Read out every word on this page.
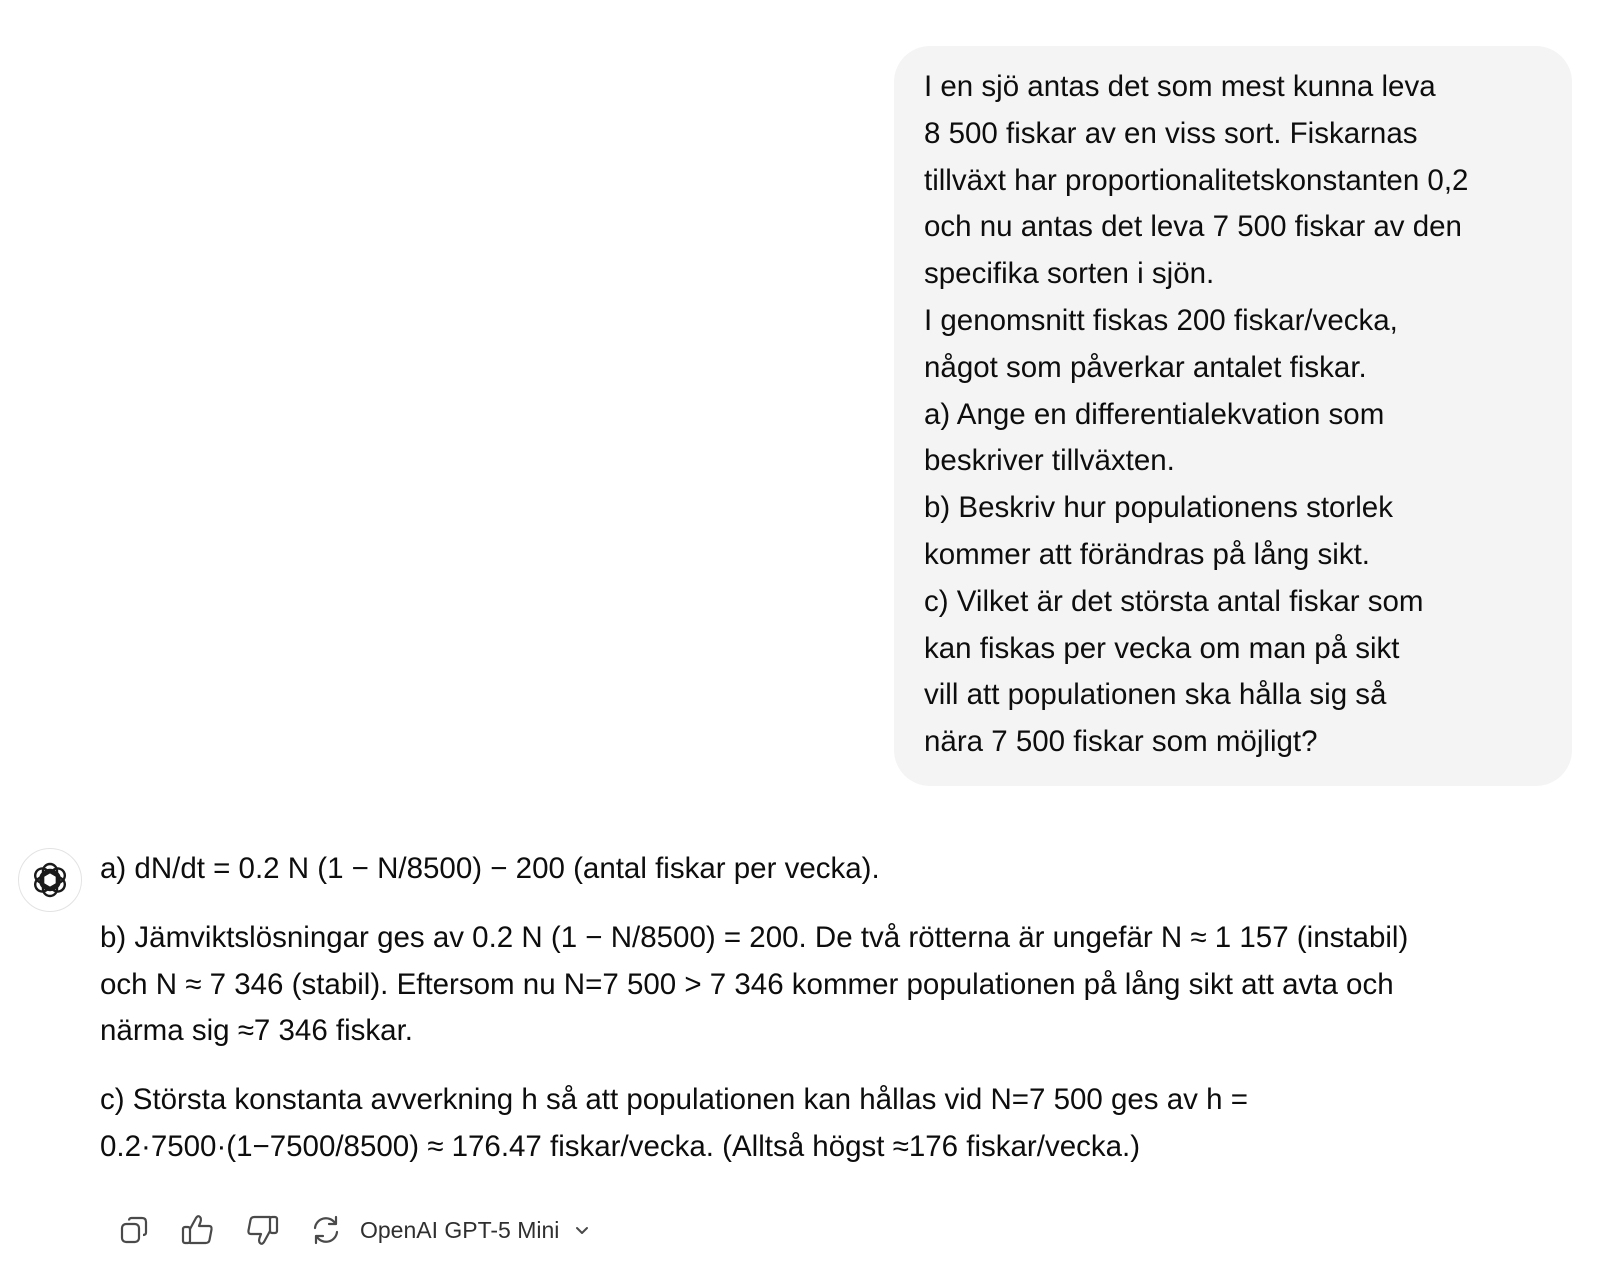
I en sjö antas det som mest kunna leva
8 500 fiskar av en viss sort. Fiskarnas
tillväxt har proportionalitetskonstanten 0,2
och nu antas det leva 7 500 fiskar av den
specifika sorten i sjön.
I genomsnitt fiskas 200 fiskar/vecka,
något som påverkar antalet fiskar.
a) Ange en differentialekvation som
beskriver tillväxten.
b) Beskriv hur populationens storlek
kommer att förändras på lång sikt.
c) Vilket är det största antal fiskar som
kan fiskas per vecka om man på sikt
vill att populationen ska hålla sig så
nära 7 500 fiskar som möjligt?
a) dN/dt = 0.2 N (1 − N/8500) − 200 (antal fiskar per vecka).
b) Jämviktslösningar ges av 0.2 N (1 − N/8500) = 200. De två rötterna är ungefär N ≈ 1 157 (instabil)
och N ≈ 7 346 (stabil). Eftersom nu N=7 500 > 7 346 kommer populationen på lång sikt att avta och
närma sig ≈7 346 fiskar.
c) Största konstanta avverkning h så att populationen kan hållas vid N=7 500 ges av h =
0.2·7500·(1−7500/8500) ≈ 176.47 fiskar/vecka. (Alltså högst ≈176 fiskar/vecka.)
OpenAI GPT-5 Mini
